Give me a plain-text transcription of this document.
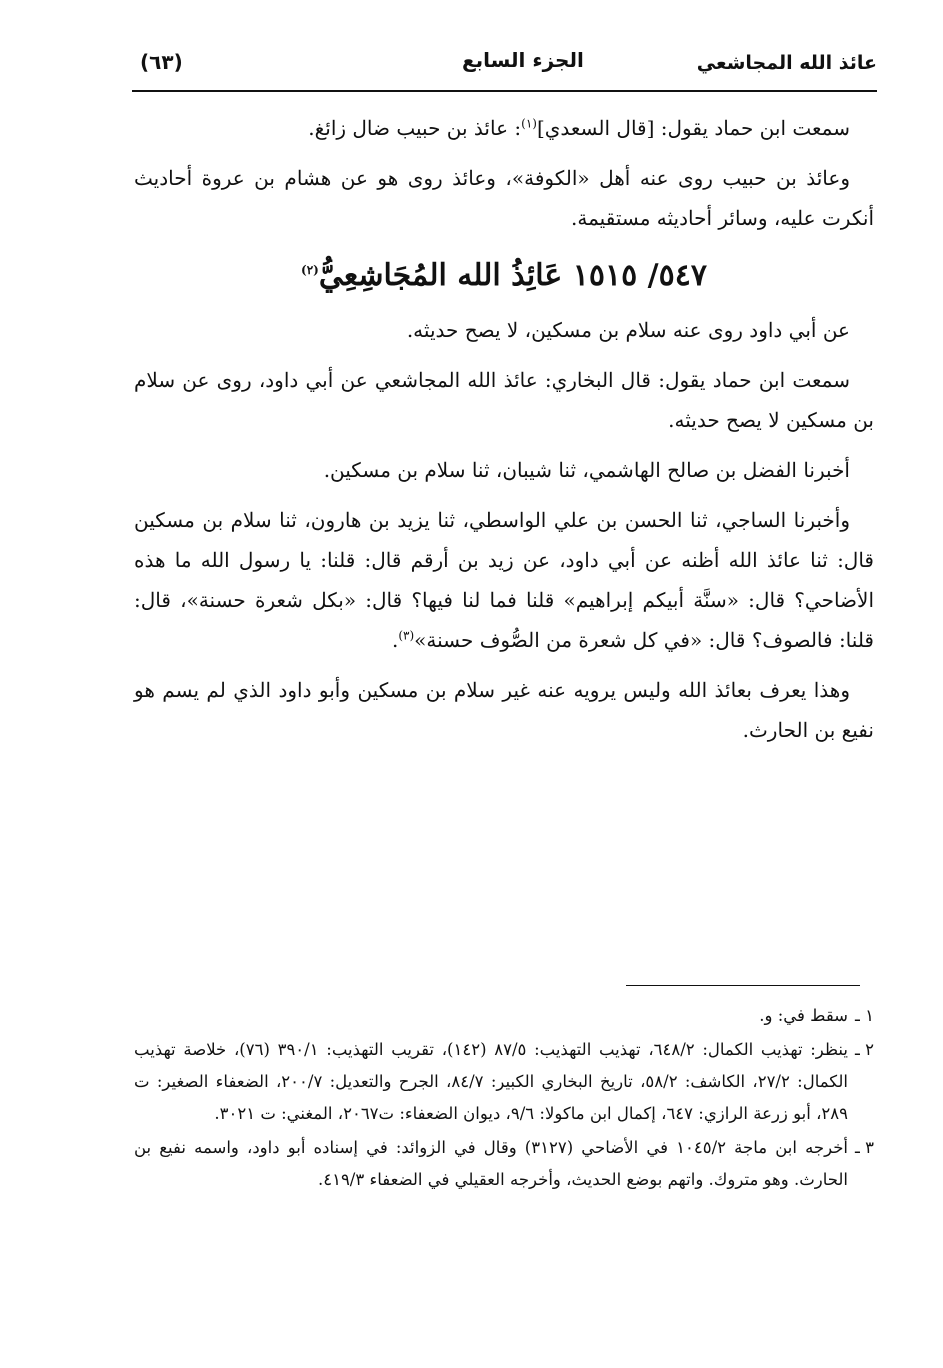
عائذ الله المجاشعي
الجزء السابع
(٦٣)

سمعت ابن حماد يقول: [قال السعدي]$^{(١)}$: عائذ بن حبيب ضال زائغ.

وعائذ بن حبيب روى عنه أهل «الكوفة»، وعائذ روى هو عن هشام بن عروة أحاديث أنكرت عليه، وسائر أحاديثه مستقيمة.

٥٤٧/ ١٥١٥ عَائِذُ الله المُجَاشِعِيُّ$^{(٢)}$

عن أبي داود روى عنه سلام بن مسكين، لا يصح حديثه.

سمعت ابن حماد يقول: قال البخاري: عائذ الله المجاشعي عن أبي داود، روى عن سلام بن مسكين لا يصح حديثه.

أخبرنا الفضل بن صالح الهاشمي، ثنا شيبان، ثنا سلام بن مسكين.

وأخبرنا الساجي، ثنا الحسن بن علي الواسطي، ثنا يزيد بن هارون، ثنا سلام بن مسكين قال: ثنا عائذ الله أظنه عن أبي داود، عن زيد بن أرقم قال: قلنا: يا رسول الله ما هذه الأضاحي؟ قال: «سنَّة أبيكم إبراهيم» قلنا فما لنا فيها؟ قال: «بكل شعرة حسنة»، قال: قلنا: فالصوف؟ قال: «في كل شعرة من الصُّوف حسنة»$^{(٣)}$.

وهذا يعرف بعائذ الله وليس يرويه عنه غير سلام بن مسكين وأبو داود الذي لم يسم هو نفيع بن الحارث.

١ ـسقط في: و.

٢ ـينظر: تهذيب الكمال: ٦٤٨/٢، تهذيب التهذيب: ٨٧/٥ (١٤٢)، تقريب التهذيب: ٣٩٠/١ (٧٦)، خلاصة تهذيب الكمال: ٢٧/٢، الكاشف: ٥٨/٢، تاريخ البخاري الكبير: ٨٤/٧، الجرح والتعديل: ٢٠٠/٧، الضعفاء الصغير: ت ٢٨٩، أبو زرعة الرازي: ٦٤٧، إكمال ابن ماكولا: ٩/٦، ديوان الضعفاء: ت٢٠٦٧، المغني: ت ٣٠٢١.

٣ ـأخرجه ابن ماجة ١٠٤٥/٢ في الأضاحي (٣١٢٧) وقال في الزوائد: في إسناده أبو داود، واسمه نفيع بن الحارث. وهو متروك. واتهم بوضع الحديث، وأخرجه العقيلي في الضعفاء ٤١٩/٣.
